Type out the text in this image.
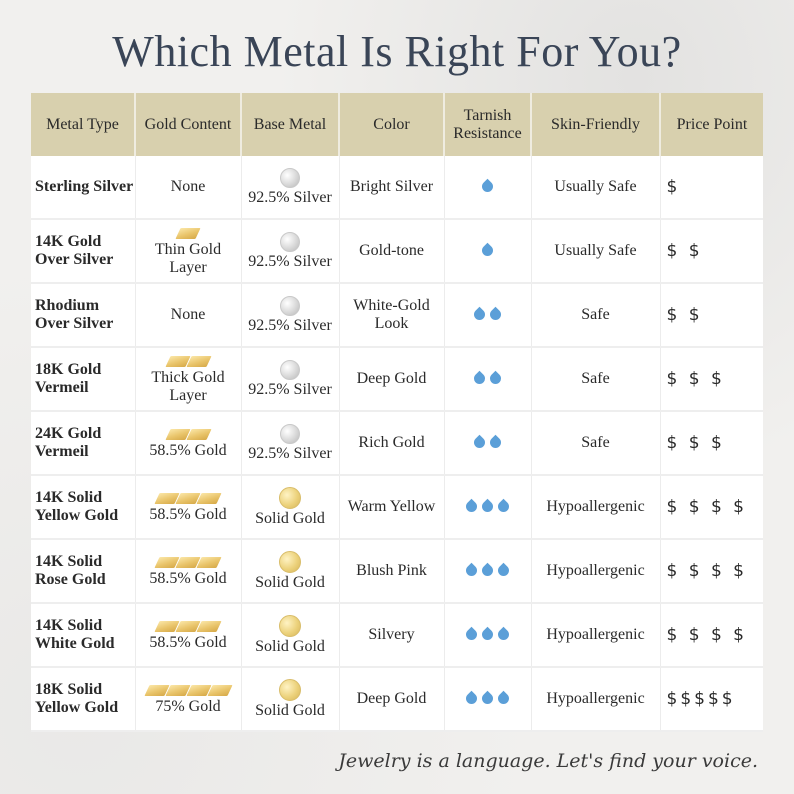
Which Metal Is Right For You?
Metal Type	Gold Content	Base Metal	Color	Tarnish Resistance	Skin-Friendly	Price Point
Sterling Silver	None	92.5% Silver	Bright Silver		Usually Safe	$
14K Gold Over Silver	Thin Gold Layer	92.5% Silver	Gold-tone		Usually Safe	$ $
Rhodium Over Silver	None	92.5% Silver	White-Gold Look		Safe	$ $
18K Gold Vermeil	Thick Gold Layer	92.5% Silver	Deep Gold		Safe	$ $ $
24K Gold Vermeil	58.5% Gold	92.5% Silver	Rich Gold		Safe	$ $ $
14K Solid Yellow Gold	58.5% Gold	Solid Gold	Warm Yellow		Hypoallergenic	$ $ $ $
14K Solid Rose Gold	58.5% Gold	Solid Gold	Blush Pink		Hypoallergenic	$ $ $ $
14K Solid White Gold	58.5% Gold	Solid Gold	Silvery		Hypoallergenic	$ $ $ $
18K Solid Yellow Gold	75% Gold	Solid Gold	Deep Gold		Hypoallergenic	$$$$$
Jewelry is a language. Let's find your voice.
